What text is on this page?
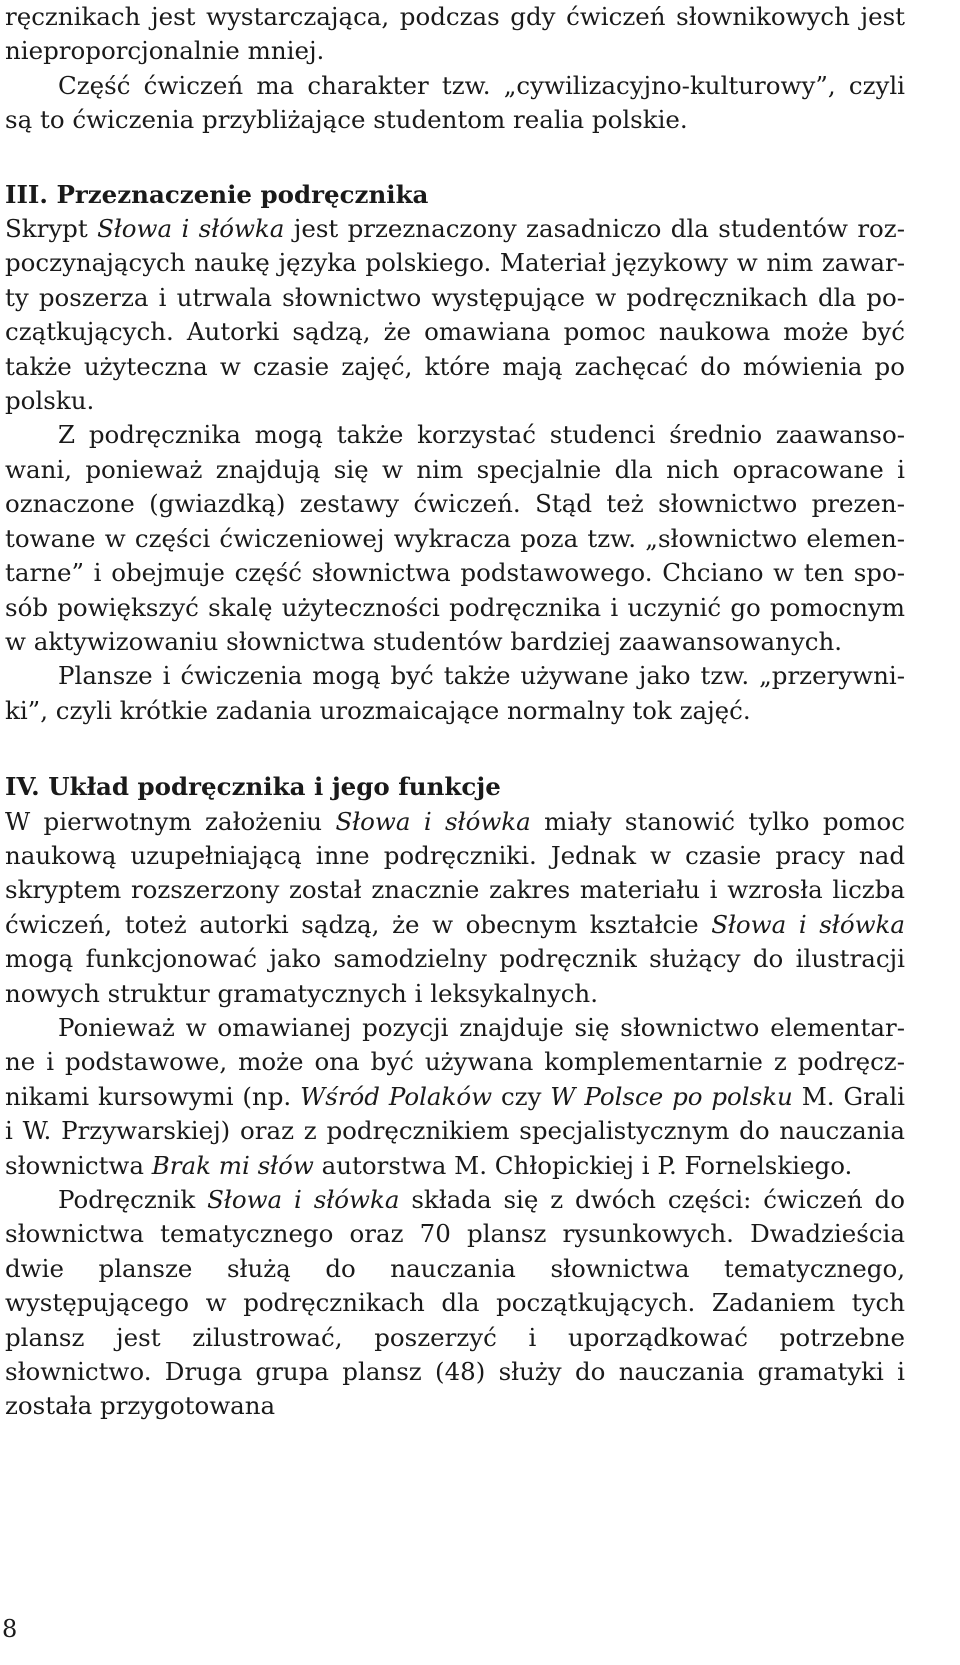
ręcznikach jest wystarczająca, podczas gdy ćwiczeń słownikowych jest nieproporcjonalnie mniej.

Część ćwiczeń ma charakter tzw. „cywilizacyjno-kulturowy”, czyli są to ćwiczenia przybliżające studentom realia polskie.

III. Przeznaczenie podręcznika

Skrypt Słowa i słówka jest przeznaczony zasadniczo dla studentów rozpoczynających naukę języka polskiego. Materiał językowy w nim zawarty poszerza i utrwala słownictwo występujące w podręcznikach dla początkujących. Autorki sądzą, że omawiana pomoc naukowa może być także użyteczna w czasie zajęć, które mają zachęcać do mówienia po polsku.

Z podręcznika mogą także korzystać studenci średnio zaawansowani, ponieważ znajdują się w nim specjalnie dla nich opracowane i oznaczone (gwiazdką) zestawy ćwiczeń. Stąd też słownictwo prezentowane w części ćwiczeniowej wykracza poza tzw. „słownictwo elementarne” i obejmuje część słownictwa podstawowego. Chciano w ten sposób powiększyć skalę użyteczności podręcznika i uczynić go pomocnym w aktywizowaniu słownictwa studentów bardziej zaawansowanych.

Plansze i ćwiczenia mogą być także używane jako tzw. „przerywniki”, czyli krótkie zadania urozmaicające normalny tok zajęć.

IV. Układ podręcznika i jego funkcje

W pierwotnym założeniu Słowa i słówka miały stanowić tylko pomoc naukową uzupełniającą inne podręczniki. Jednak w czasie pracy nad skryptem rozszerzony został znacznie zakres materiału i wzrosła liczba ćwiczeń, toteż autorki sądzą, że w obecnym kształcie Słowa i słówka mogą funkcjonować jako samodzielny podręcznik służący do ilustracji nowych struktur gramatycznych i leksykalnych.

Ponieważ w omawianej pozycji znajduje się słownictwo elementarne i podstawowe, może ona być używana komplementarnie z podręcznikami kursowymi (np. Wśród Polaków czy W Polsce po polsku M. Grali i W. Przywarskiej) oraz z podręcznikiem specjalistycznym do nauczania słownictwa Brak mi słów autorstwa M. Chłopickiej i P. Fornelskiego.

Podręcznik Słowa i słówka składa się z dwóch części: ćwiczeń do słownictwa tematycznego oraz 70 plansz rysunkowych. Dwadzieścia dwie plansze służą do nauczania słownictwa tematycznego, występującego w podręcznikach dla początkujących. Zadaniem tych plansz jest zilustrować, poszerzyć i uporządkować potrzebne słownictwo. Druga grupa plansz (48) służy do nauczania gramatyki i została przygotowana

8
